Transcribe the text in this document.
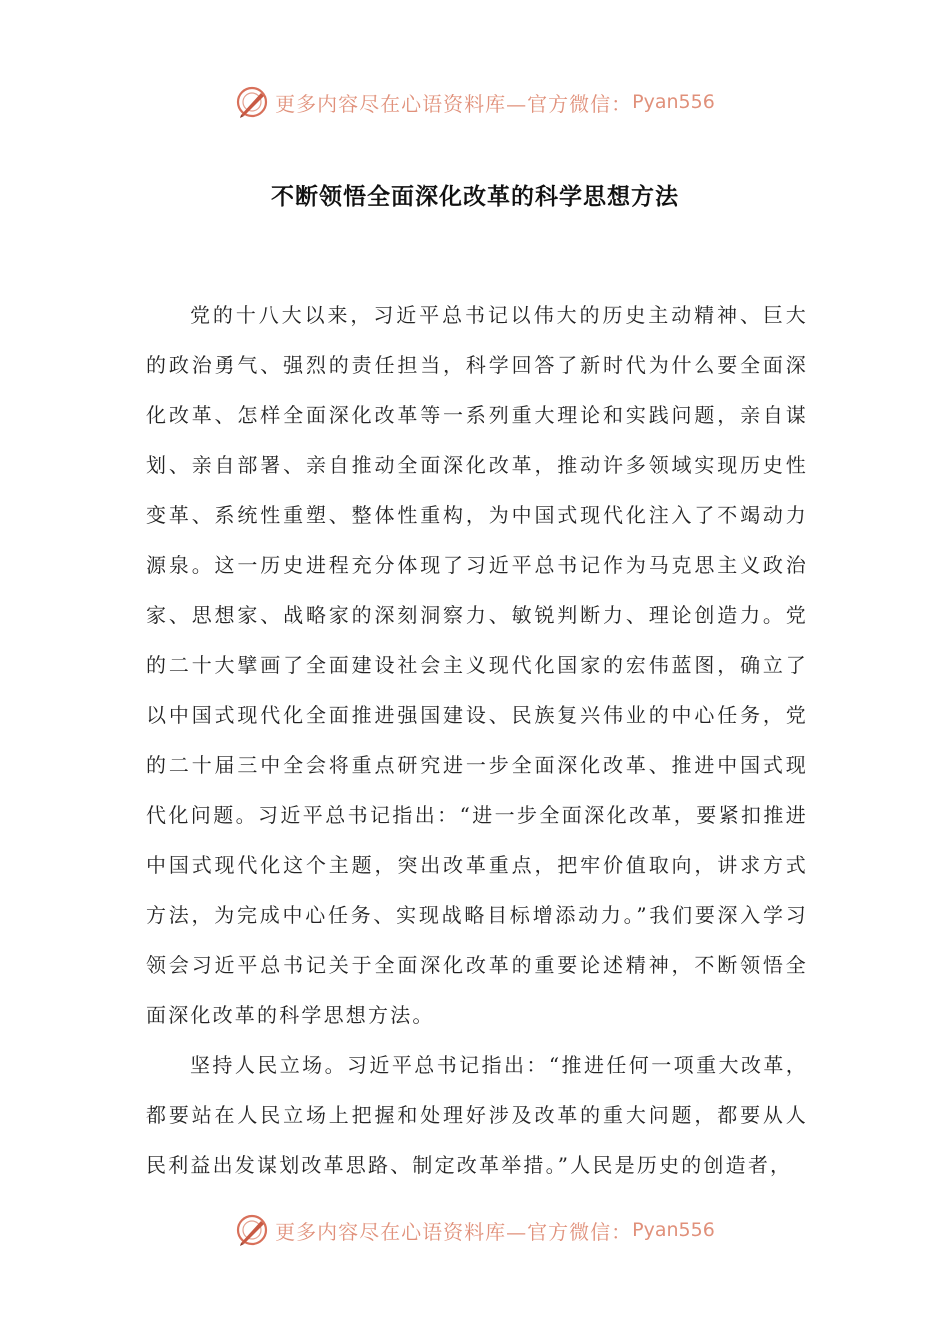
更多内容尽在心语资料库—官方微信： Pyan556
不断领悟全面深化改革的科学思想方法

党的十八大以来，习近平总书记以伟大的历史主动精神、巨大的政治勇气、强烈的责任担当，科学回答了新时代为什么要全面深化改革、怎样全面深化改革等一系列重大理论和实践问题，亲自谋划、亲自部署、亲自推动全面深化改革，推动许多领域实现历史性变革、系统性重塑、整体性重构，为中国式现代化注入了不竭动力源泉。这一历史进程充分体现了习近平总书记作为马克思主义政治家、思想家、战略家的深刻洞察力、敏锐判断力、理论创造力。党的二十大擘画了全面建设社会主义现代化国家的宏伟蓝图，确立了以中国式现代化全面推进强国建设、民族复兴伟业的中心任务，党的二十届三中全会将重点研究进一步全面深化改革、推进中国式现代化问题。习近平总书记指出：“进一步全面深化改革，要紧扣推进中国式现代化这个主题，突出改革重点，把牢价值取向，讲求方式方法，为完成中心任务、实现战略目标增添动力。”我们要深入学习领会习近平总书记关于全面深化改革的重要论述精神，不断领悟全面深化改革的科学思想方法。

坚持人民立场。习近平总书记指出：“推进任何一项重大改革，都要站在人民立场上把握和处理好涉及改革的重大问题，都要从人民利益出发谋划改革思路、制定改革举措。”人民是历史的创造者，

更多内容尽在心语资料库—官方微信： Pyan556
